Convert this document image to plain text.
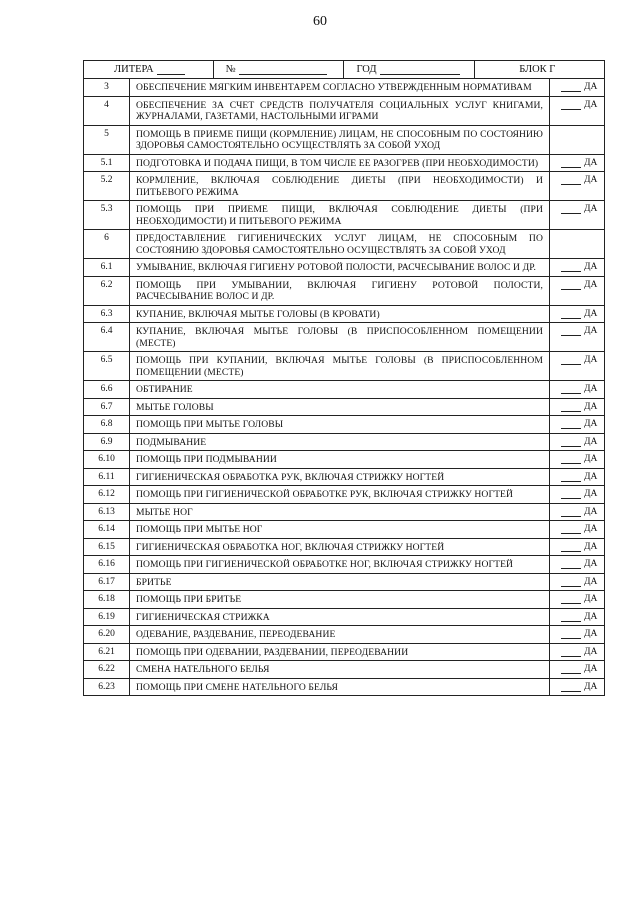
60
ЛИТЕРА № ГОД БЛОК Г		

3	ОБЕСПЕЧЕНИЕ МЯГКИМ ИНВЕНТАРЕМ СОГЛАСНО УТВЕРЖДЕННЫМ НОРМАТИВАМ	ДА

4	ОБЕСПЕЧЕНИЕ ЗА СЧЕТ СРЕДСТВ ПОЛУЧАТЕЛЯ СОЦИАЛЬНЫХ УСЛУГ КНИГАМИ, ЖУРНАЛАМИ, ГАЗЕТАМИ, НАСТОЛЬНЫМИ ИГРАМИ	ДА

5	ПОМОЩЬ В ПРИЕМЕ ПИЩИ (КОРМЛЕНИЕ) ЛИЦАМ, НЕ СПОСОБНЫМ ПО СОСТОЯНИЮ ЗДОРОВЬЯ САМОСТОЯТЕЛЬНО ОСУЩЕСТВЛЯТЬ ЗА СОБОЙ УХОД	

5.1	ПОДГОТОВКА И ПОДАЧА ПИЩИ, В ТОМ ЧИСЛЕ ЕЕ РАЗОГРЕВ (ПРИ НЕОБХОДИМОСТИ)	ДА

5.2	КОРМЛЕНИЕ, ВКЛЮЧАЯ СОБЛЮДЕНИЕ ДИЕТЫ (ПРИ НЕОБХОДИМОСТИ) И ПИТЬЕВОГО РЕЖИМА	ДА

5.3	ПОМОЩЬ ПРИ ПРИЕМЕ ПИЩИ, ВКЛЮЧАЯ СОБЛЮДЕНИЕ ДИЕТЫ (ПРИ НЕОБХОДИМОСТИ) И ПИТЬЕВОГО РЕЖИМА	ДА

6	ПРЕДОСТАВЛЕНИЕ ГИГИЕНИЧЕСКИХ УСЛУГ ЛИЦАМ, НЕ СПОСОБНЫМ ПО СОСТОЯНИЮ ЗДОРОВЬЯ САМОСТОЯТЕЛЬНО ОСУЩЕСТВЛЯТЬ ЗА СОБОЙ УХОД	

6.1	УМЫВАНИЕ, ВКЛЮЧАЯ ГИГИЕНУ РОТОВОЙ ПОЛОСТИ, РАСЧЕСЫВАНИЕ ВОЛОС И ДР.	ДА

6.2	ПОМОЩЬ ПРИ УМЫВАНИИ, ВКЛЮЧАЯ ГИГИЕНУ РОТОВОЙ ПОЛОСТИ, РАСЧЕСЫВАНИЕ ВОЛОС И ДР.	ДА

6.3	КУПАНИЕ, ВКЛЮЧАЯ МЫТЬЕ ГОЛОВЫ (В КРОВАТИ)	ДА

6.4	КУПАНИЕ, ВКЛЮЧАЯ МЫТЬЕ ГОЛОВЫ (В ПРИСПОСОБЛЕННОМ ПОМЕЩЕНИИ (МЕСТЕ)	ДА

6.5	ПОМОЩЬ ПРИ КУПАНИИ, ВКЛЮЧАЯ МЫТЬЕ ГОЛОВЫ (В ПРИСПОСОБЛЕННОМ ПОМЕЩЕНИИ (МЕСТЕ)	ДА

6.6	ОБТИРАНИЕ	ДА

6.7	МЫТЬЕ ГОЛОВЫ	ДА

6.8	ПОМОЩЬ ПРИ МЫТЬЕ ГОЛОВЫ	ДА

6.9	ПОДМЫВАНИЕ	ДА

6.10	ПОМОЩЬ ПРИ ПОДМЫВАНИИ	ДА

6.11	ГИГИЕНИЧЕСКАЯ ОБРАБОТКА РУК, ВКЛЮЧАЯ СТРИЖКУ НОГТЕЙ	ДА

6.12	ПОМОЩЬ ПРИ ГИГИЕНИЧЕСКОЙ ОБРАБОТКЕ РУК, ВКЛЮЧАЯ СТРИЖКУ НОГТЕЙ	ДА

6.13	МЫТЬЕ НОГ	ДА

6.14	ПОМОЩЬ ПРИ МЫТЬЕ НОГ	ДА

6.15	ГИГИЕНИЧЕСКАЯ ОБРАБОТКА НОГ, ВКЛЮЧАЯ СТРИЖКУ НОГТЕЙ	ДА

6.16	ПОМОЩЬ ПРИ ГИГИЕНИЧЕСКОЙ ОБРАБОТКЕ НОГ, ВКЛЮЧАЯ СТРИЖКУ НОГТЕЙ	ДА

6.17	БРИТЬЕ	ДА

6.18	ПОМОЩЬ ПРИ БРИТЬЕ	ДА

6.19	ГИГИЕНИЧЕСКАЯ СТРИЖКА	ДА

6.20	ОДЕВАНИЕ, РАЗДЕВАНИЕ, ПЕРЕОДЕВАНИЕ	ДА

6.21	ПОМОЩЬ ПРИ ОДЕВАНИИ, РАЗДЕВАНИИ, ПЕРЕОДЕВАНИИ	ДА

6.22	СМЕНА НАТЕЛЬНОГО БЕЛЬЯ	ДА

6.23	ПОМОЩЬ ПРИ СМЕНЕ НАТЕЛЬНОГО БЕЛЬЯ	ДА
